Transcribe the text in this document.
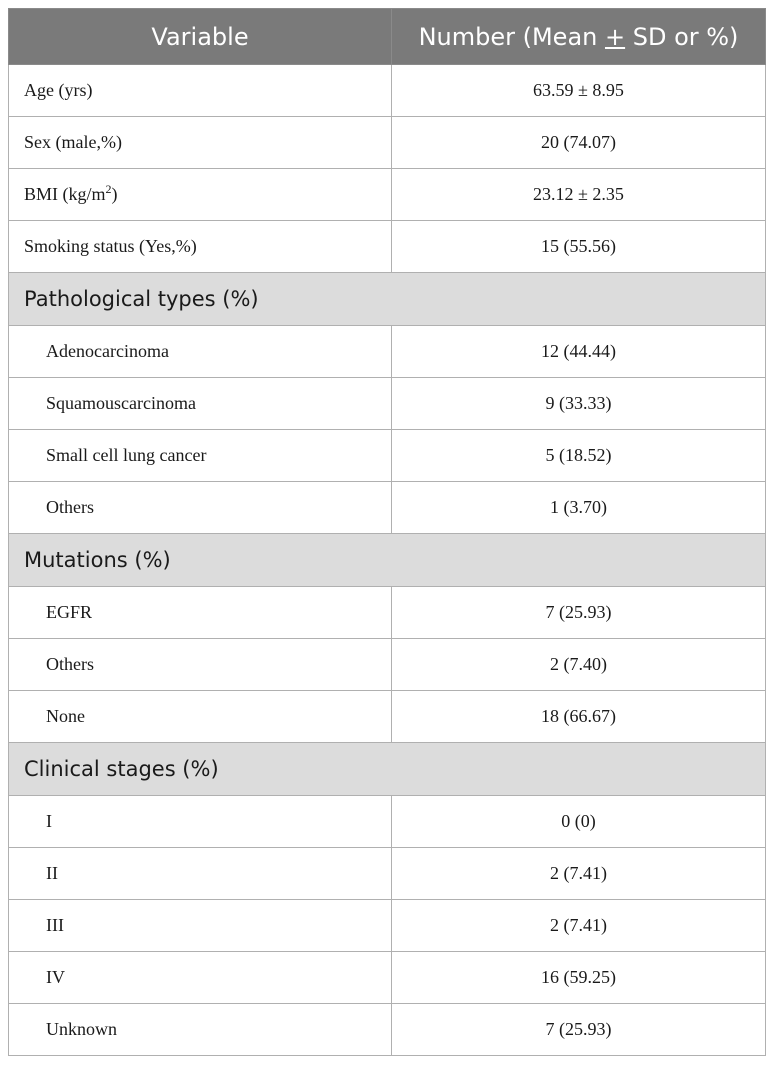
Variable	Number (Mean + SD or %)
Age (yrs)	63.59 ± 8.95
Sex (male,%)	20 (74.07)
BMI $(kg/m^2)$	23.12 ± 2.35
Smoking status (Yes,%)	15 (55.56)
Pathological types (%)	
Adenocarcinoma	12 (44.44)
Squamouscarcinoma	9 (33.33)
Small cell lung cancer	5 (18.52)
Others	1 (3.70)
Mutations (%)	
EGFR	7 (25.93)
Others	2 (7.40)
None	18 (66.67)
Clinical stages (%)	
I	0 (0)
II	2 (7.41)
III	2 (7.41)
IV	16 (59.25)
Unknown	7 (25.93)
